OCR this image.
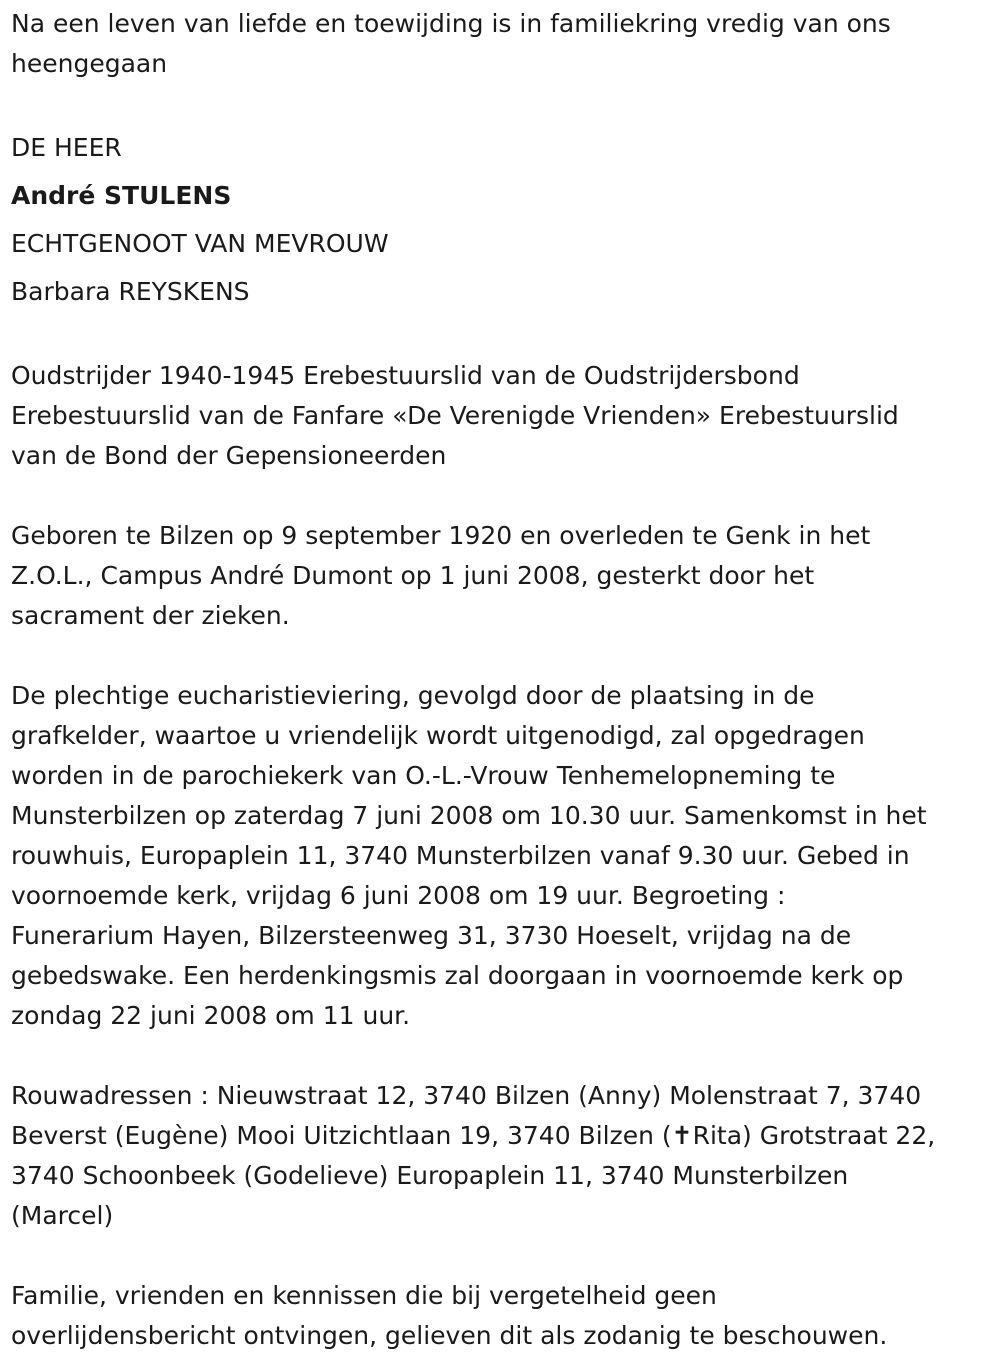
Na een leven van liefde en toewijding is in familiekring vredig van ons
heengegaan

DE HEER

André STULENS

ECHTGENOOT VAN MEVROUW

Barbara REYSKENS

Oudstrijder 1940-1945 Erebestuurslid van de Oudstrijdersbond
Erebestuurslid van de Fanfare «De Verenigde Vrienden» Erebestuurslid
van de Bond der Gepensioneerden

Geboren te Bilzen op 9 september 1920 en overleden te Genk in het
Z.O.L., Campus André Dumont op 1 juni 2008, gesterkt door het
sacrament der zieken.

De plechtige eucharistieviering, gevolgd door de plaatsing in de
grafkelder, waartoe u vriendelijk wordt uitgenodigd, zal opgedragen
worden in de parochiekerk van O.-L.-Vrouw Tenhemelopneming te
Munsterbilzen op zaterdag 7 juni 2008 om 10.30 uur. Samenkomst in het
rouwhuis, Europaplein 11, 3740 Munsterbilzen vanaf 9.30 uur. Gebed in
voornoemde kerk, vrijdag 6 juni 2008 om 19 uur. Begroeting :
Funerarium Hayen, Bilzersteenweg 31, 3730 Hoeselt, vrijdag na de
gebedswake. Een herdenkingsmis zal doorgaan in voornoemde kerk op
zondag 22 juni 2008 om 11 uur.

Rouwadressen : Nieuwstraat 12, 3740 Bilzen (Anny) Molenstraat 7, 3740
Beverst (Eugène) Mooi Uitzichtlaan 19, 3740 Bilzen (✝Rita) Grotstraat 22,
3740 Schoonbeek (Godelieve) Europaplein 11, 3740 Munsterbilzen
(Marcel)

Familie, vrienden en kennissen die bij vergetelheid geen
overlijdensbericht ontvingen, gelieven dit als zodanig te beschouwen.
